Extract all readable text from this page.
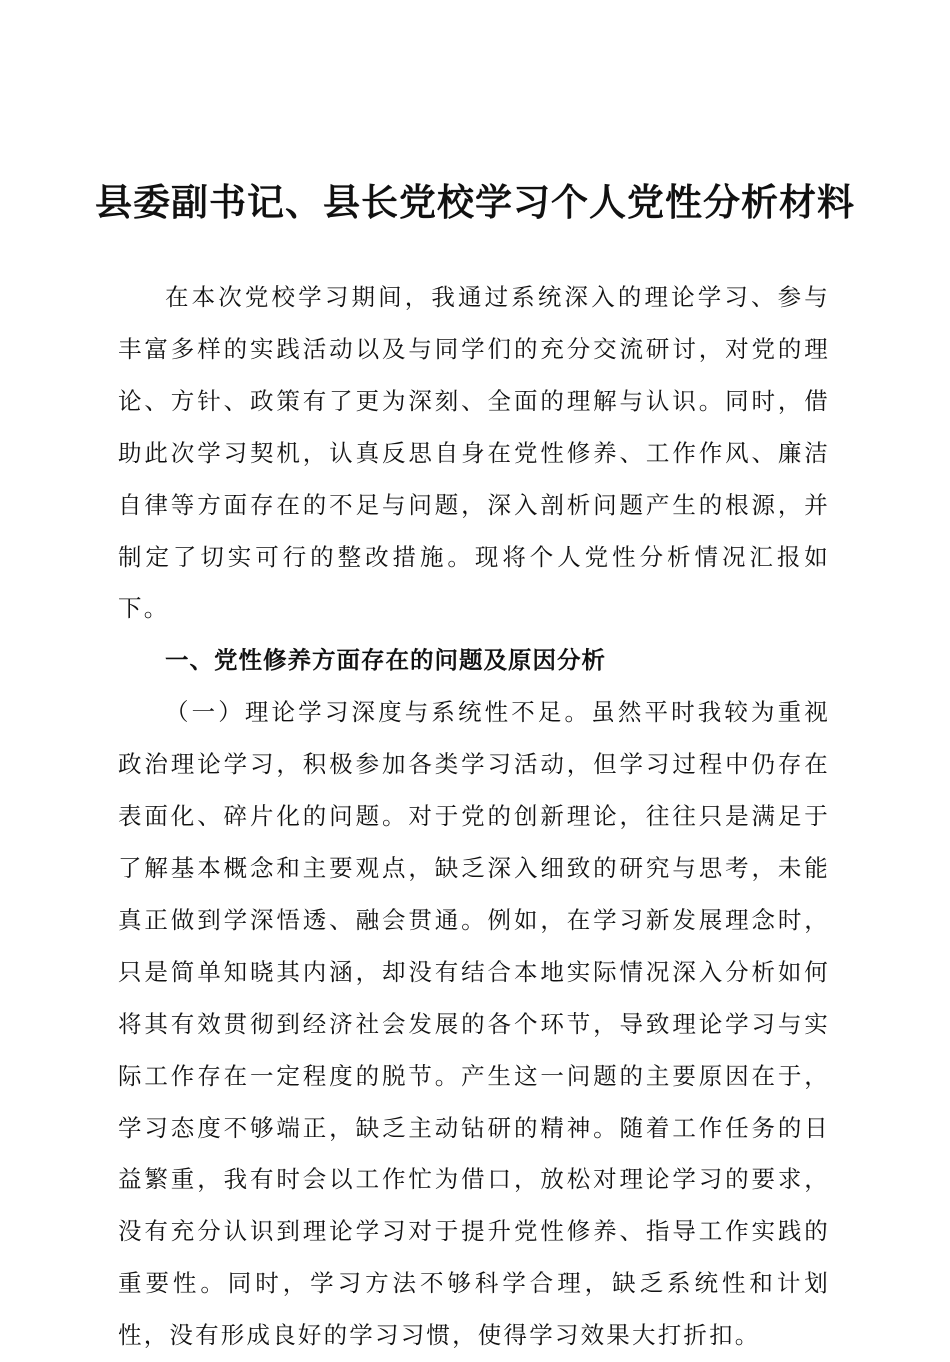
县委副书记、县长党校学习个人党性分析材料

在本次党校学习期间，我通过系统深入的理论学习、参与丰富多样的实践活动以及与同学们的充分交流研讨，对党的理论、方针、政策有了更为深刻、全面的理解与认识。同时，借助此次学习契机，认真反思自身在党性修养、工作作风、廉洁自律等方面存在的不足与问题，深入剖析问题产生的根源，并制定了切实可行的整改措施。现将个人党性分析情况汇报如下。

一、党性修养方面存在的问题及原因分析

（一）理论学习深度与系统性不足。虽然平时我较为重视政治理论学习，积极参加各类学习活动，但学习过程中仍存在表面化、碎片化的问题。对于党的创新理论，往往只是满足于了解基本概念和主要观点，缺乏深入细致的研究与思考，未能真正做到学深悟透、融会贯通。例如，在学习新发展理念时，只是简单知晓其内涵，却没有结合本地实际情况深入分析如何将其有效贯彻到经济社会发展的各个环节，导致理论学习与实际工作存在一定程度的脱节。产生这一问题的主要原因在于，学习态度不够端正，缺乏主动钻研的精神。随着工作任务的日益繁重，我有时会以工作忙为借口，放松对理论学习的要求，没有充分认识到理论学习对于提升党性修养、指导工作实践的重要性。同时，学习方法不够科学合理，缺乏系统性和计划性，没有形成良好的学习习惯，使得学习效果大打折扣。
